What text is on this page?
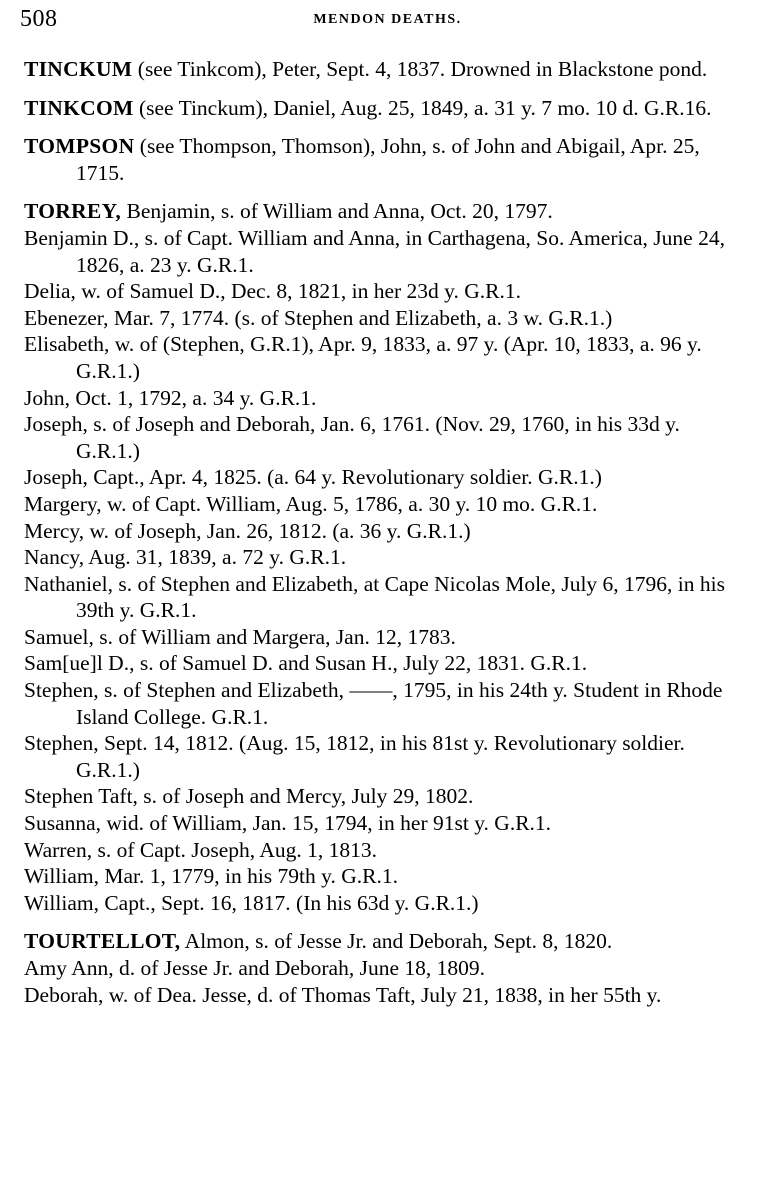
508	MENDON DEATHS.

TINCKUM (see Tinkcom), Peter, Sept. 4, 1837. Drowned in Blackstone pond.

TINKCOM (see Tinckum), Daniel, Aug. 25, 1849, a. 31 y. 7 mo. 10 d. G.R.16.

TOMPSON (see Thompson, Thomson), John, s. of John and Abigail, Apr. 25, 1715.

TORREY, Benjamin, s. of William and Anna, Oct. 20, 1797.

Benjamin D., s. of Capt. William and Anna, in Carthagena, So. America, June 24, 1826, a. 23 y. G.R.1.

Delia, w. of Samuel D., Dec. 8, 1821, in her 23d y. G.R.1.

Ebenezer, Mar. 7, 1774. (s. of Stephen and Elizabeth, a. 3 w. G.R.1.)

Elisabeth, w. of (Stephen, G.R.1), Apr. 9, 1833, a. 97 y. (Apr. 10, 1833, a. 96 y. G.R.1.)

John, Oct. 1, 1792, a. 34 y. G.R.1.

Joseph, s. of Joseph and Deborah, Jan. 6, 1761. (Nov. 29, 1760, in his 33d y. G.R.1.)

Joseph, Capt., Apr. 4, 1825. (a. 64 y. Revolutionary soldier. G.R.1.)

Margery, w. of Capt. William, Aug. 5, 1786, a. 30 y. 10 mo. G.R.1.

Mercy, w. of Joseph, Jan. 26, 1812. (a. 36 y. G.R.1.)

Nancy, Aug. 31, 1839, a. 72 y. G.R.1.

Nathaniel, s. of Stephen and Elizabeth, at Cape Nicolas Mole, July 6, 1796, in his 39th y. G.R.1.

Samuel, s. of William and Margera, Jan. 12, 1783.

Sam[ue]l D., s. of Samuel D. and Susan H., July 22, 1831. G.R.1.

Stephen, s. of Stephen and Elizabeth, ——, 1795, in his 24th y. Student in Rhode Island College. G.R.1.

Stephen, Sept. 14, 1812. (Aug. 15, 1812, in his 81st y. Revolutionary soldier. G.R.1.)

Stephen Taft, s. of Joseph and Mercy, July 29, 1802.

Susanna, wid. of William, Jan. 15, 1794, in her 91st y. G.R.1.

Warren, s. of Capt. Joseph, Aug. 1, 1813.

William, Mar. 1, 1779, in his 79th y. G.R.1.

William, Capt., Sept. 16, 1817. (In his 63d y. G.R.1.)

TOURTELLOT, Almon, s. of Jesse Jr. and Deborah, Sept. 8, 1820.

Amy Ann, d. of Jesse Jr. and Deborah, June 18, 1809.

Deborah, w. of Dea. Jesse, d. of Thomas Taft, July 21, 1838, in her 55th y.
